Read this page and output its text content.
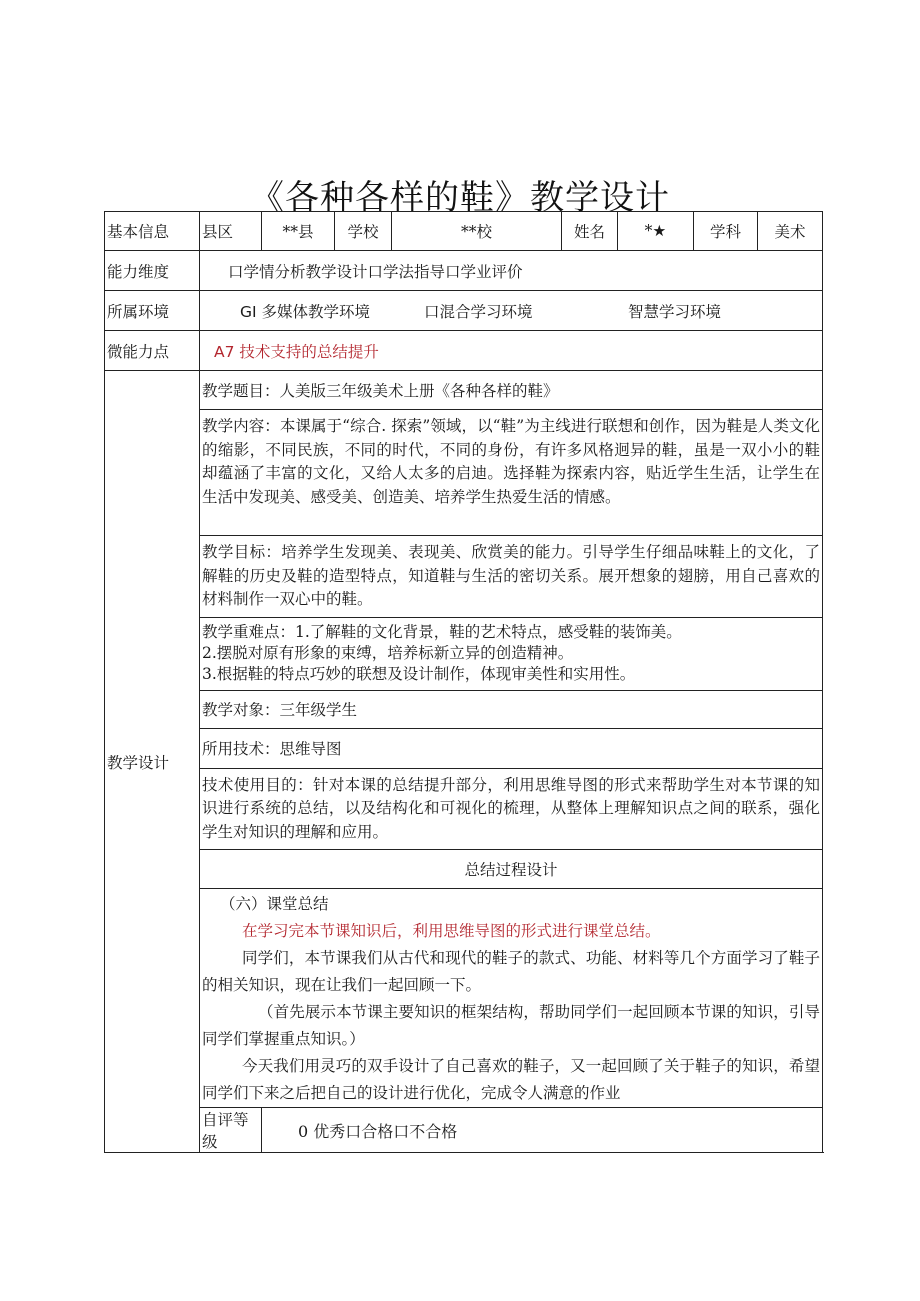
《各种各样的鞋》教学设计
基本信息	县区	**县	学校	**校	姓名	*★	学科	美术
能力维度	口学情分析教学设计口学法指导口学业评价							
所属环境	GI 多媒体教学环境 口混合学习环境 智慧学习环境							
微能力点	A7 技术支持的总结提升							
教学设计	教学题目：人美版三年级美术上册《各种各样的鞋》							
	教学内容：本课属于“综合. 探索”领域，以“鞋”为主线进行联想和创作，因为鞋是人类文化的缩影，不同民族，不同的时代，不同的身份，有许多风格迥异的鞋，虽是一双小小的鞋却蕴涵了丰富的文化，又给人太多的启迪。选择鞋为探索内容，贴近学生生活，让学生在生活中发现美、感受美、创造美、培养学生热爱生活的情感。							
	教学目标：培养学生发现美、表现美、欣赏美的能力。引导学生仔细品味鞋上的文化，了解鞋的历史及鞋的造型特点，知道鞋与生活的密切关系。展开想象的翅膀，用自己喜欢的材料制作一双心中的鞋。							

	教学重难点：1.了解鞋的文化背景，鞋的艺术特点，感受鞋的装饰美。
2.摆脱对原有形象的束缚，培养标新立异的创造精神。
3.根据鞋的特点巧妙的联想及设计制作，体现审美性和实用性。							

	教学对象：三年级学生							
	所用技术：思维导图							
	技术使用目的：针对本课的总结提升部分，利用思维导图的形式来帮助学生对本节课的知识进行系统的总结，以及结构化和可视化的梳理，从整体上理解知识点之间的联系，强化学生对知识的理解和应用。							
	总结过程设计							

	（六）课堂总结

在学习完本节课知识后，利用思维导图的形式进行课堂总结。

同学们，本节课我们从古代和现代的鞋子的款式、功能、材料等几个方面学习了鞋子的相关知识，现在让我们一起回顾一下。

（首先展示本节课主要知识的框架结构，帮助同学们一起回顾本节课的知识，引导同学们掌握重点知识。）

今天我们用灵巧的双手设计了自己喜欢的鞋子，又一起回顾了关于鞋子的知识，希望同学们下来之后把自己的设计进行优化，完成令人满意的作业							

	自评等级	0 优秀口合格口不合格						
